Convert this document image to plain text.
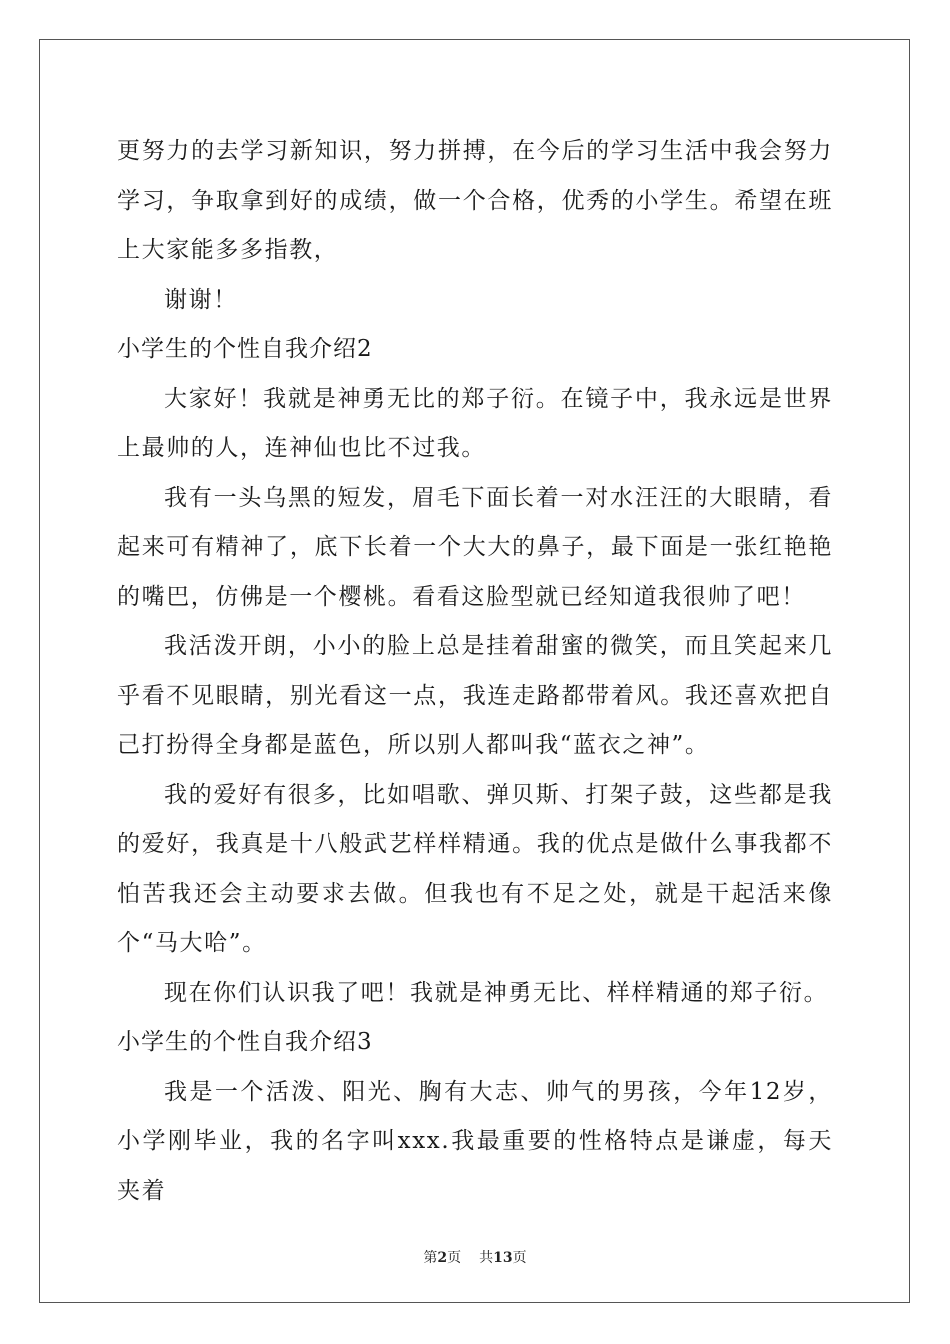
更努力的去学习新知识，努力拼搏，在今后的学习生活中我会努力学习，争取拿到好的成绩，做一个合格，优秀的小学生。希望在班上大家能多多指教，

谢谢！

小学生的个性自我介绍2

大家好！我就是神勇无比的郑子衍。在镜子中，我永远是世界上最帅的人，连神仙也比不过我。

我有一头乌黑的短发，眉毛下面长着一对水汪汪的大眼睛，看起来可有精神了，底下长着一个大大的鼻子，最下面是一张红艳艳的嘴巴，仿佛是一个樱桃。看看这脸型就已经知道我很帅了吧！

我活泼开朗，小小的脸上总是挂着甜蜜的微笑，而且笑起来几乎看不见眼睛，别光看这一点，我连走路都带着风。我还喜欢把自己打扮得全身都是蓝色，所以别人都叫我“蓝衣之神”。

我的爱好有很多，比如唱歌、弹贝斯、打架子鼓，这些都是我的爱好，我真是十八般武艺样样精通。我的优点是做什么事我都不怕苦我还会主动要求去做。但我也有不足之处，就是干起活来像个“马大哈”。

现在你们认识我了吧！我就是神勇无比、样样精通的郑子衍。

小学生的个性自我介绍3

我是一个活泼、阳光、胸有大志、帅气的男孩，今年12岁，小学刚毕业，我的名字叫xxx.我最重要的性格特点是谦虚，每天夹着

第2页 共13页
